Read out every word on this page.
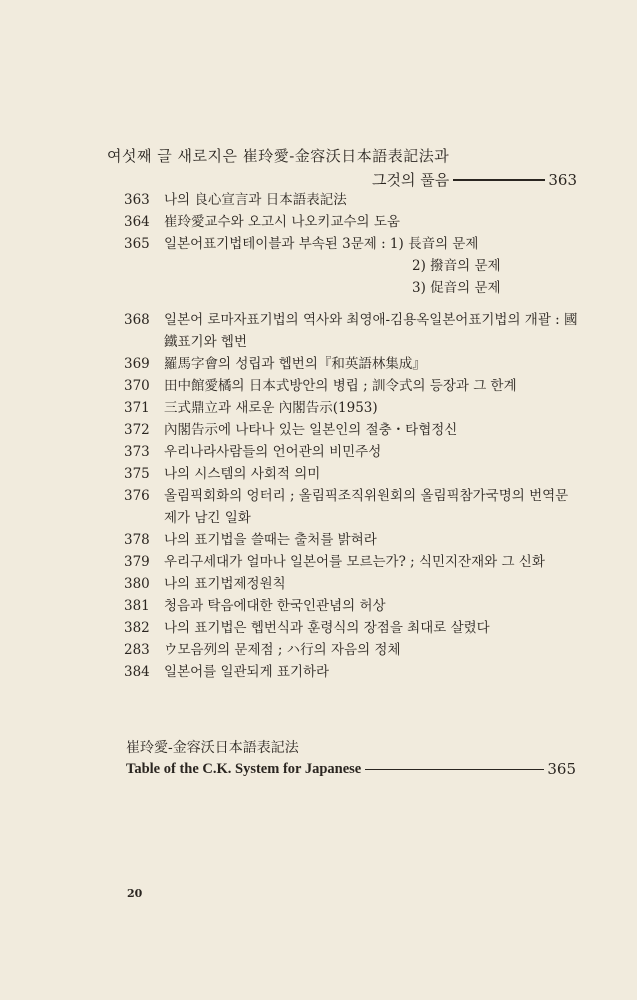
여섯째 글 새로지은 崔玲愛-金容沃日本語表記法과
그것의 풀음	363
363	나의 良心宣言과 日本語表記法
364	崔玲愛교수와 오고시 나오키교수의 도움
365	일본어표기법테이블과 부속된 3문제 : 1) 長音의 문제
2) 撥音의 문제
3) 促音의 문제
368	일본어 로마자표기법의 역사와 최영애-김용옥일본어표기법의 개괄 : 國鐵표기와 헵번
369	羅馬字會의 성립과 헵번의『和英語林集成』
370	田中館愛橘의 日本式방안의 병립 ; 訓令式의 등장과 그 한계
371	三式鼎立과 새로운 內閣告示(1953)
372	內閣告示에 나타나 있는 일본인의 절충・타협정신
373	우리나라사람들의 언어관의 비민주성
375	나의 시스템의 사회적 의미
376	올림픽회화의 엉터리 ; 올림픽조직위원회의 올림픽참가국명의 번역문제가 남긴 일화
378	나의 표기법을 쓸때는 출처를 밝혀라
379	우리구세대가 얼마나 일본어를 모르는가? ; 식민지잔재와 그 신화
380	나의 표기법제정원칙
381	청음과 탁음에대한 한국인관념의 허상
382	나의 표기법은 헵번식과 훈령식의 장점을 최대로 살렸다
283	ウ모음列의 문제점 ; ハ行의 자음의 정체
384	일본어를 일관되게 표기하라
崔玲愛-金容沃日本語表記法
Table of the C.K. System for Japanese	365
20
